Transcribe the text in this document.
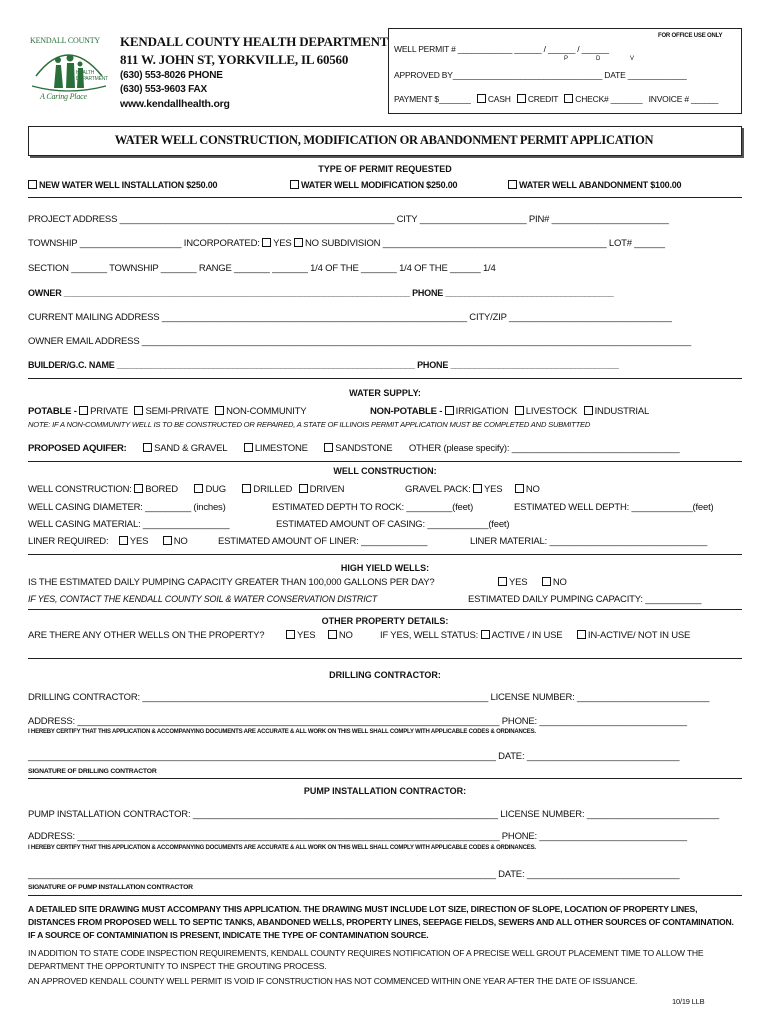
KENDALL COUNTY
HEALTH
DEPARTMENT
A Caring Place
KENDALL COUNTY HEALTH DEPARTMENT
811 W. JOHN ST, YORKVILLE, IL 60560
(630) 553-8026 PHONE
(630) 553-9603 FAX
www.kendallhealth.org
FOR OFFICE USE ONLY
WELL PERMIT # ____________ ______ / ______ / ______
P	D	V
APPROVED BY_________________________________ DATE _____________
PAYMENT $_______ CASH CREDIT CHECK# _______ INVOICE # ______
WATER WELL CONSTRUCTION, MODIFICATION OR ABANDONMENT PERMIT APPLICATION
TYPE OF PERMIT REQUESTED
NEW WATER WELL INSTALLATION $250.00	WATER WELL MODIFICATION $250.00	WATER WELL ABANDONMENT $100.00
PROJECT ADDRESS ______________________________________________________ CITY _____________________ PIN# _______________________
TOWNSHIP ____________________ INCORPORATED: YES NO SUBDIVISION ____________________________________________ LOT# ______
SECTION _______ TOWNSHIP _______ RANGE _______ _______ 1/4 OF THE _______ 1/4 OF THE ______ 1/4
OWNER ________________________________________________________________________ PHONE ___________________________________
CURRENT MAILING ADDRESS ____________________________________________________________ CITY/ZIP ________________________________
OWNER EMAIL ADDRESS ____________________________________________________________________________________________________________
BUILDER/G.C. NAME ______________________________________________________________ PHONE ___________________________________
WATER SUPPLY:
POTABLE - PRIVATE SEMI-PRIVATE NON-COMMUNITY	NON-POTABLE - IRRIGATION LIVESTOCK INDUSTRIAL
NOTE: IF A NON-COMMUNITY WELL IS TO BE CONSTRUCTED OR REPAIRED, A STATE OF ILLINOIS PERMIT APPLICATION MUST BE COMPLETED AND SUBMITTED
PROPOSED AQUIFER:	SAND & GRAVEL	LIMESTONE	SANDSTONE OTHER (please specify): _________________________________
WELL CONSTRUCTION:
WELL CONSTRUCTION: BORED	DUG	DRILLED DRIVEN	GRAVEL PACK: YES NO
WELL CASING DIAMETER: _________ (inches)	ESTIMATED DEPTH TO ROCK: _________(feet)	ESTIMATED WELL DEPTH: ____________(feet)
WELL CASING MATERIAL: _________________	ESTIMATED AMOUNT OF CASING: ____________(feet)
LINER REQUIRED: YES	NO	ESTIMATED AMOUNT OF LINER: _____________	LINER MATERIAL: _______________________________
HIGH YIELD WELLS:
IS THE ESTIMATED DAILY PUMPING CAPACITY GREATER THAN 100,000 GALLONS PER DAY?	YES	NO
IF YES, CONTACT THE KENDALL COUNTY SOIL & WATER CONSERVATION DISTRICT	ESTIMATED DAILY PUMPING CAPACITY: ___________
OTHER PROPERTY DETAILS:
ARE THERE ANY OTHER WELLS ON THE PROPERTY?	YES NO	IF YES, WELL STATUS: ACTIVE / IN USE	IN-ACTIVE/ NOT IN USE
DRILLING CONTRACTOR:
DRILLING CONTRACTOR: ____________________________________________________________________ LICENSE NUMBER: __________________________
ADDRESS: ___________________________________________________________________________________ PHONE: _____________________________
I HEREBY CERTIFY THAT THIS APPLICATION & ACCOMPANYING DOCUMENTS ARE ACCURATE & ALL WORK ON THIS WELL SHALL COMPLY WITH APPLICABLE CODES & ORDINANCES.
____________________________________________________________________________________________ DATE: ______________________________
SIGNATURE OF DRILLING CONTRACTOR
PUMP INSTALLATION CONTRACTOR:
PUMP INSTALLATION CONTRACTOR: ____________________________________________________________ LICENSE NUMBER: __________________________
ADDRESS: ___________________________________________________________________________________ PHONE: _____________________________
I HEREBY CERTIFY THAT THIS APPLICATION & ACCOMPANYING DOCUMENTS ARE ACCURATE & ALL WORK ON THIS WELL SHALL COMPLY WITH APPLICABLE CODES & ORDINANCES.
____________________________________________________________________________________________ DATE: ______________________________
SIGNATURE OF PUMP INSTALLATION CONTRACTOR
A DETAILED SITE DRAWING MUST ACCOMPANY THIS APPLICATION. THE DRAWING MUST INCLUDE LOT SIZE, DIRECTION OF SLOPE, LOCATION OF PROPERTY LINES, DISTANCES FROM PROPOSED WELL TO SEPTIC TANKS, ABANDONED WELLS, PROPERTY LINES, SEEPAGE FIELDS, SEWERS AND ALL OTHER SOURCES OF CONTAMINATION. IF A SOURCE OF CONTAMINIATION IS PRESENT, INDICATE THE TYPE OF CONTAMINATION SOURCE.
IN ADDITION TO STATE CODE INSPECTION REQUIREMENTS, KENDALL COUNTY REQUIRES NOTIFICATION OF A PRECISE WELL GROUT PLACEMENT TIME TO ALLOW THE DEPARTMENT THE OPPORTUNITY TO INSPECT THE GROUTING PROCESS.
AN APPROVED KENDALL COUNTY WELL PERMIT IS VOID IF CONSTRUCTION HAS NOT COMMENCED WITHIN ONE YEAR AFTER THE DATE OF ISSUANCE.
10/19 LLB
